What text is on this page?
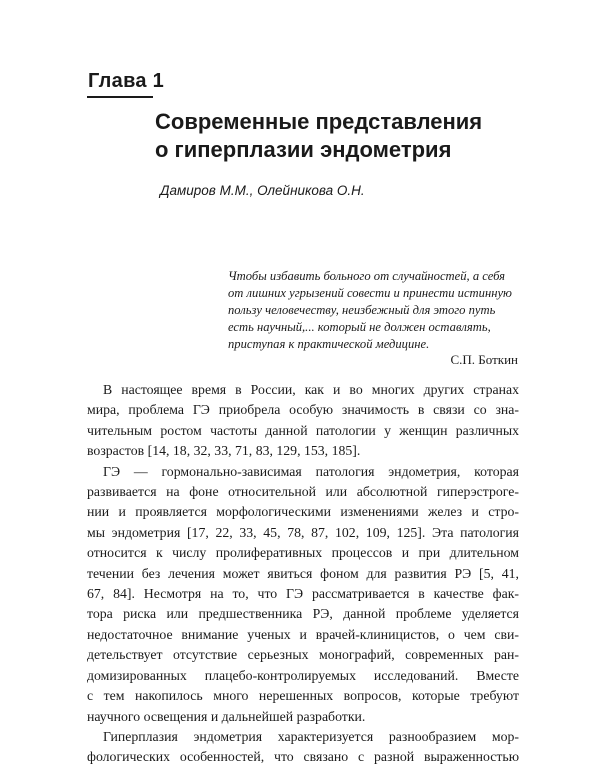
Глава 1
Современные представления
о гиперплазии эндометрия
Дамиров М.М., Олейникова О.Н.
Чтобы избавить больного от случайностей, а себя
от лишних угрызений совести и принести истинную
пользу человечеству, неизбежный для этого путь
есть научный,... который не должен оставлять,
приступая к практической медицине.
С.П. Боткин
В настоящее время в России, как и во многих других странах
мира, проблема ГЭ приобрела особую значимость в связи со зна-
чительным ростом частоты данной патологии у женщин различных
возрастов [14, 18, 32, 33, 71, 83, 129, 153, 185].
ГЭ — гормонально-зависимая патология эндометрия, которая
развивается на фоне относительной или абсолютной гиперэстроге-
нии и проявляется морфологическими изменениями желез и стро-
мы эндометрия [17, 22, 33, 45, 78, 87, 102, 109, 125]. Эта патология
относится к числу пролиферативных процессов и при длительном
течении без лечения может явиться фоном для развития РЭ [5, 41,
67, 84]. Несмотря на то, что ГЭ рассматривается в качестве фак-
тора риска или предшественника РЭ, данной проблеме уделяется
недостаточное внимание ученых и врачей-клиницистов, о чем сви-
детельствует отсутствие серьезных монографий, современных ран-
домизированных плацебо-контролируемых исследований. Вместе
с тем накопилось много нерешенных вопросов, которые требуют
научного освещения и дальнейшей разработки.
Гиперплазия эндометрия характеризуется разнообразием мор-
фологических особенностей, что связано с разной выраженностью
